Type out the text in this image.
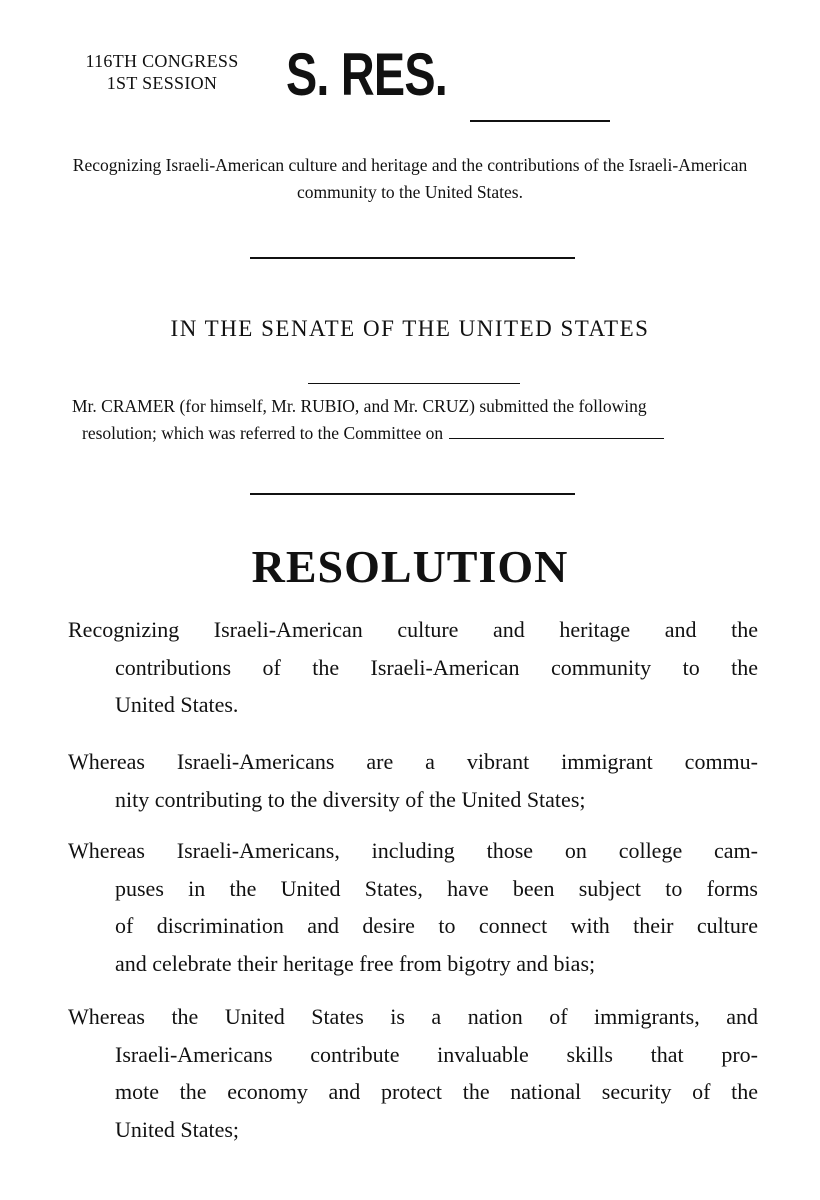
116TH CONGRESS
1ST SESSION	S. RES.
Recognizing Israeli-American culture and heritage and the contributions of the Israeli-American community to the United States.
IN THE SENATE OF THE UNITED STATES
Mr. CRAMER (for himself, Mr. RUBIO, and Mr. CRUZ) submitted the following
resolution; which was referred to the Committee on
RESOLUTION
Recognizing Israeli-American culture and heritage and the
contributions of the Israeli-American community to the
United States.
Whereas Israeli-Americans are a vibrant immigrant commu-
nity contributing to the diversity of the United States;
Whereas Israeli-Americans, including those on college cam-
puses in the United States, have been subject to forms
of discrimination and desire to connect with their culture
and celebrate their heritage free from bigotry and bias;
Whereas the United States is a nation of immigrants, and
Israeli-Americans contribute invaluable skills that pro-
mote the economy and protect the national security of the
United States;
